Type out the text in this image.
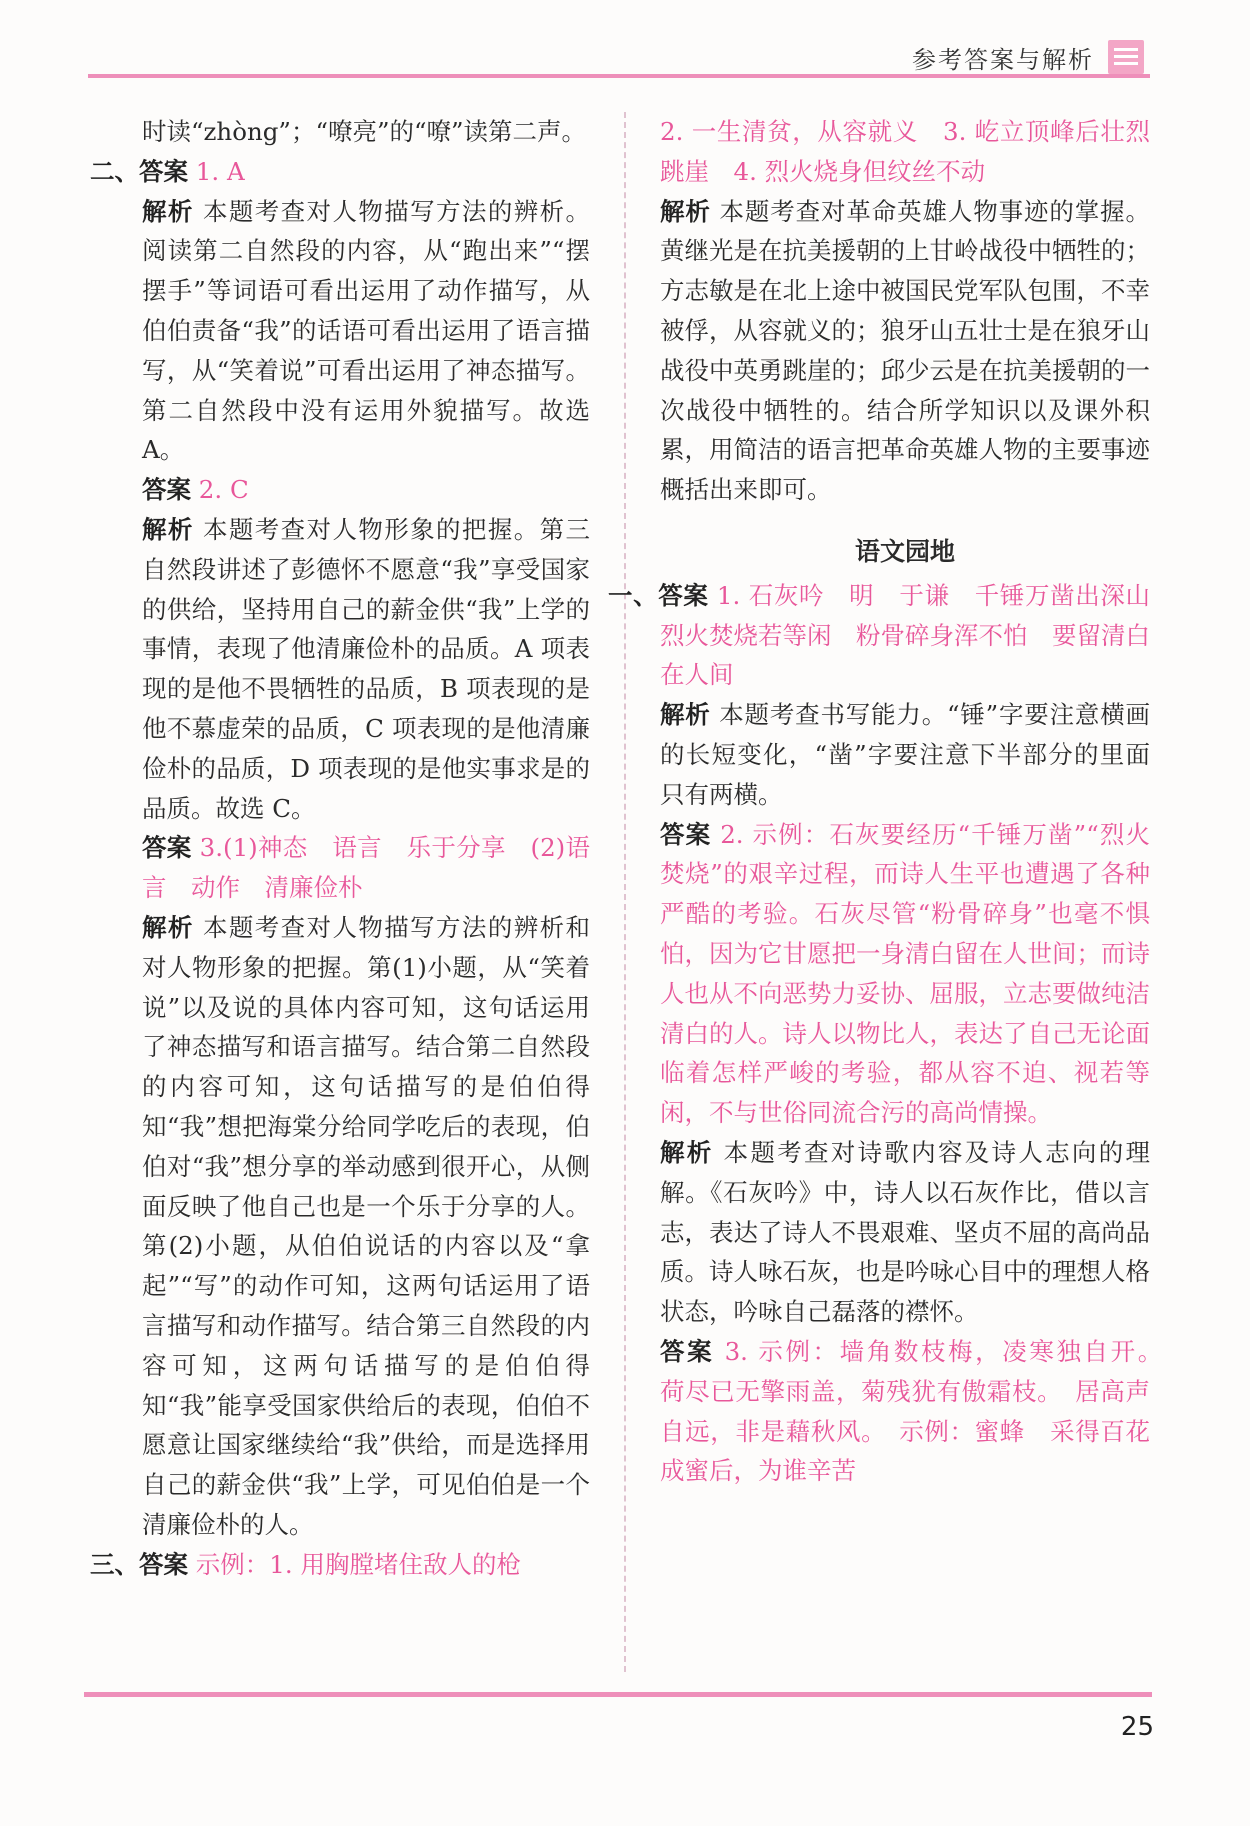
参考答案与解析

时读“zhòng”；“嘹亮”的“嘹”读第二声。

二、答案 1. A

解析 本题考查对人物描写方法的辨析。阅读第二自然段的内容，从“跑出来”“摆摆手”等词语可看出运用了动作描写，从伯伯责备“我”的话语可看出运用了语言描写，从“笑着说”可看出运用了神态描写。第二自然段中没有运用外貌描写。故选 A。

答案 2. C

解析 本题考查对人物形象的把握。第三自然段讲述了彭德怀不愿意“我”享受国家的供给，坚持用自己的薪金供“我”上学的事情，表现了他清廉俭朴的品质。A 项表现的是他不畏牺牲的品质，B 项表现的是他不慕虚荣的品质，C 项表现的是他清廉俭朴的品质，D 项表现的是他实事求是的品质。故选 C。

答案 3.(1)神态　语言　乐于分享　(2)语言　动作　清廉俭朴

解析 本题考查对人物描写方法的辨析和对人物形象的把握。第(1)小题，从“笑着说”以及说的具体内容可知，这句话运用了神态描写和语言描写。结合第二自然段的内容可知，这句话描写的是伯伯得知“我”想把海棠分给同学吃后的表现，伯伯对“我”想分享的举动感到很开心，从侧面反映了他自己也是一个乐于分享的人。第(2)小题，从伯伯说话的内容以及“拿起”“写”的动作可知，这两句话运用了语言描写和动作描写。结合第三自然段的内容可知，这两句话描写的是伯伯得知“我”能享受国家供给后的表现，伯伯不愿意让国家继续给“我”供给，而是选择用自己的薪金供“我”上学，可见伯伯是一个清廉俭朴的人。

三、答案 示例：1. 用胸膛堵住敌人的枪

2. 一生清贫，从容就义　3. 屹立顶峰后壮烈跳崖　4. 烈火烧身但纹丝不动

解析 本题考查对革命英雄人物事迹的掌握。黄继光是在抗美援朝的上甘岭战役中牺牲的；方志敏是在北上途中被国民党军队包围，不幸被俘，从容就义的；狼牙山五壮士是在狼牙山战役中英勇跳崖的；邱少云是在抗美援朝的一次战役中牺牲的。结合所学知识以及课外积累，用简洁的语言把革命英雄人物的主要事迹概括出来即可。

语文园地

一、答案 1. 石灰吟　明　于谦　千锤万凿出深山　烈火焚烧若等闲　粉骨碎身浑不怕　要留清白在人间

解析 本题考查书写能力。“锤”字要注意横画的长短变化，“凿”字要注意下半部分的里面只有两横。

答案 2. 示例：石灰要经历“千锤万凿”“烈火焚烧”的艰辛过程，而诗人生平也遭遇了各种严酷的考验。石灰尽管“粉骨碎身”也毫不惧怕，因为它甘愿把一身清白留在人世间；而诗人也从不向恶势力妥协、屈服，立志要做纯洁清白的人。诗人以物比人，表达了自己无论面临着怎样严峻的考验，都从容不迫、视若等闲，不与世俗同流合污的高尚情操。

解析 本题考查对诗歌内容及诗人志向的理解。《石灰吟》中，诗人以石灰作比，借以言志，表达了诗人不畏艰难、坚贞不屈的高尚品质。诗人咏石灰，也是吟咏心目中的理想人格状态，吟咏自己磊落的襟怀。

答案 3. 示例：墙角数枝梅，凌寒独自开。　荷尽已无擎雨盖，菊残犹有傲霜枝。　居高声自远，非是藉秋风。　示例：蜜蜂　采得百花成蜜后，为谁辛苦

25
